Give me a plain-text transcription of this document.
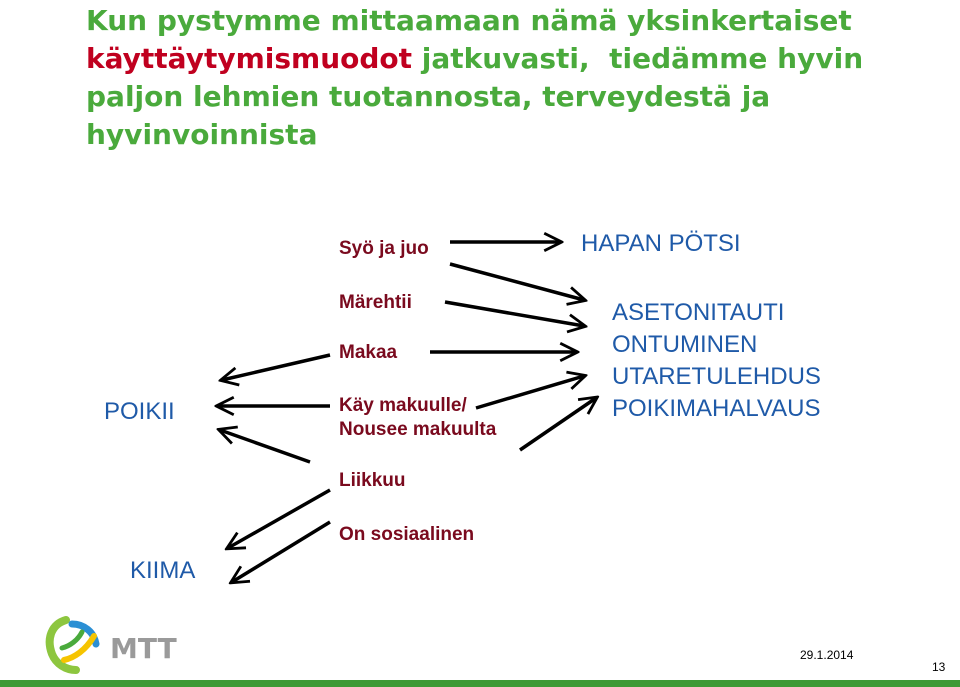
Kun pystymme mittaamaan nämä yksinkertaiset
käyttäytymismuodot jatkuvasti,  tiedämme hyvin
paljon lehmien tuotannosta, terveydestä ja
hyvinvoinnista
Syö ja juo
Märehtii
Makaa
Käy makuulle/
Nousee makuulta
Liikkuu
On sosiaalinen
HAPAN PÖTSI
ASETONITAUTI
ONTUMINEN
UTARETULEHDUS
POIKIMAHALVAUS
POIKII
KIIMA
MTT	29.1.2014
13
